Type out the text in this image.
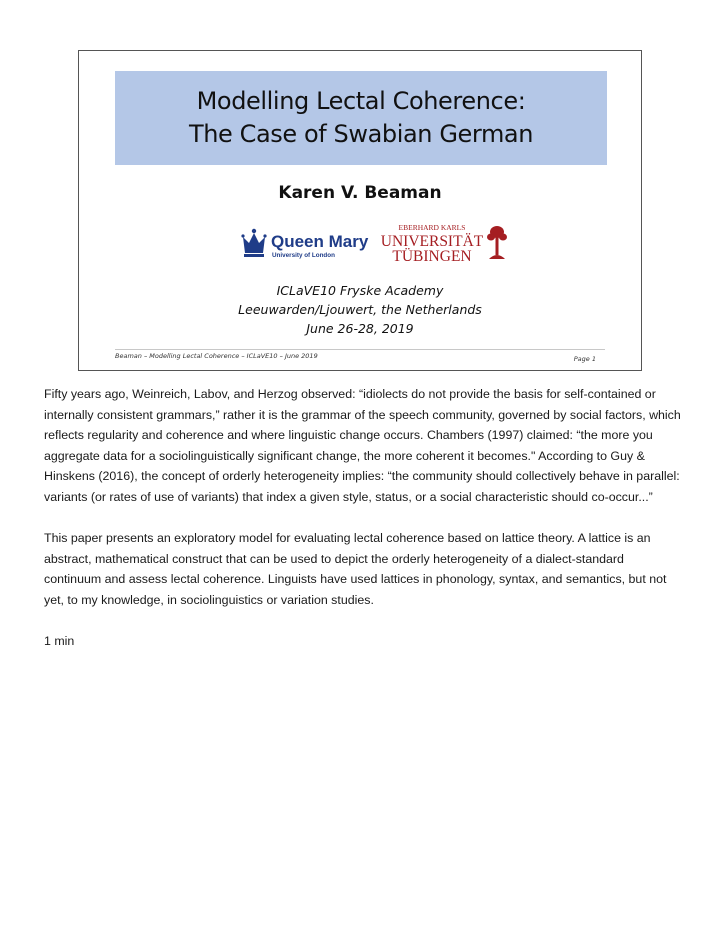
Modelling Lectal Coherence:
The Case of Swabian German
Karen V. Beaman
Queen Mary
University of London
EBERHARD KARLS
UNIVERSITÄT
TÜBINGEN
ICLaVE10 Fryske Academy
Leeuwarden/Ljouwert, the Netherlands
June 26-28, 2019
Beaman – Modelling Lectal Coherence – ICLaVE10 – June 2019	Page 1

Fifty years ago, Weinreich, Labov, and Herzog observed: “idiolects do not provide the basis for self-contained or internally consistent grammars,” rather it is the grammar of the speech community, governed by social factors, which reflects regularity and coherence and where linguistic change occurs. Chambers (1997) claimed: “the more you aggregate data for a sociolinguistically significant change, the more coherent it becomes." According to Guy & Hinskens (2016), the concept of orderly heterogeneity implies: “the community should collectively behave in parallel: variants (or rates of use of variants) that index a given style, status, or a social characteristic should co-occur...”

This paper presents an exploratory model for evaluating lectal coherence based on lattice theory. A lattice is an abstract, mathematical construct that can be used to depict the orderly heterogeneity of a dialect-standard continuum and assess lectal coherence. Linguists have used lattices in phonology, syntax, and semantics, but not yet, to my knowledge, in sociolinguistics or variation studies.

1 min
